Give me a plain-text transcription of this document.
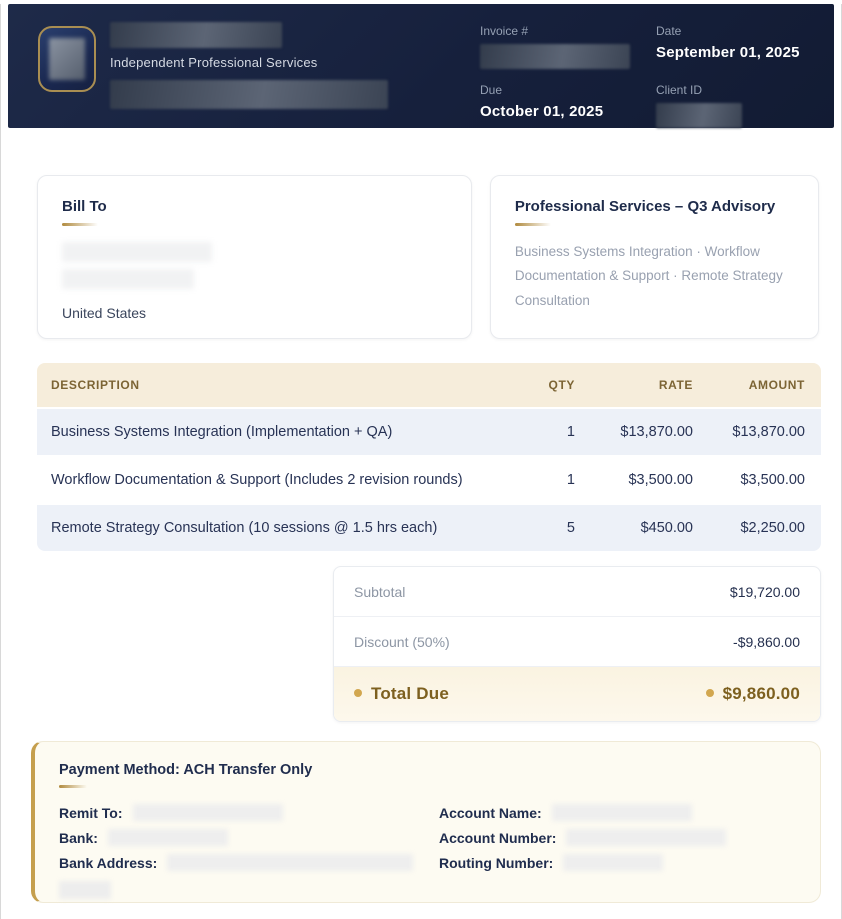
Independent Professional Services
Invoice #	Date
September 01, 2025
Due
October 01, 2025
Client ID
Bill To
United States
Professional Services – Q3 Advisory
Business Systems Integration · Workflow Documentation & Support · Remote Strategy Consultation
DESCRIPTION	QTY	RATE	AMOUNT
Business Systems Integration (Implementation + QA)	1	$13,870.00	$13,870.00
Workflow Documentation & Support (Includes 2 revision rounds)	1	$3,500.00	$3,500.00
Remote Strategy Consultation (10 sessions @ 1.5 hrs each)	5	$450.00	$2,250.00
Subtotal	$19,720.00
Discount (50%)	-$9,860.00
Total Due	$9,860.00
Payment Method: ACH Transfer Only
Remit To:
Bank:
Bank Address:
Account Name:
Account Number:
Routing Number:
